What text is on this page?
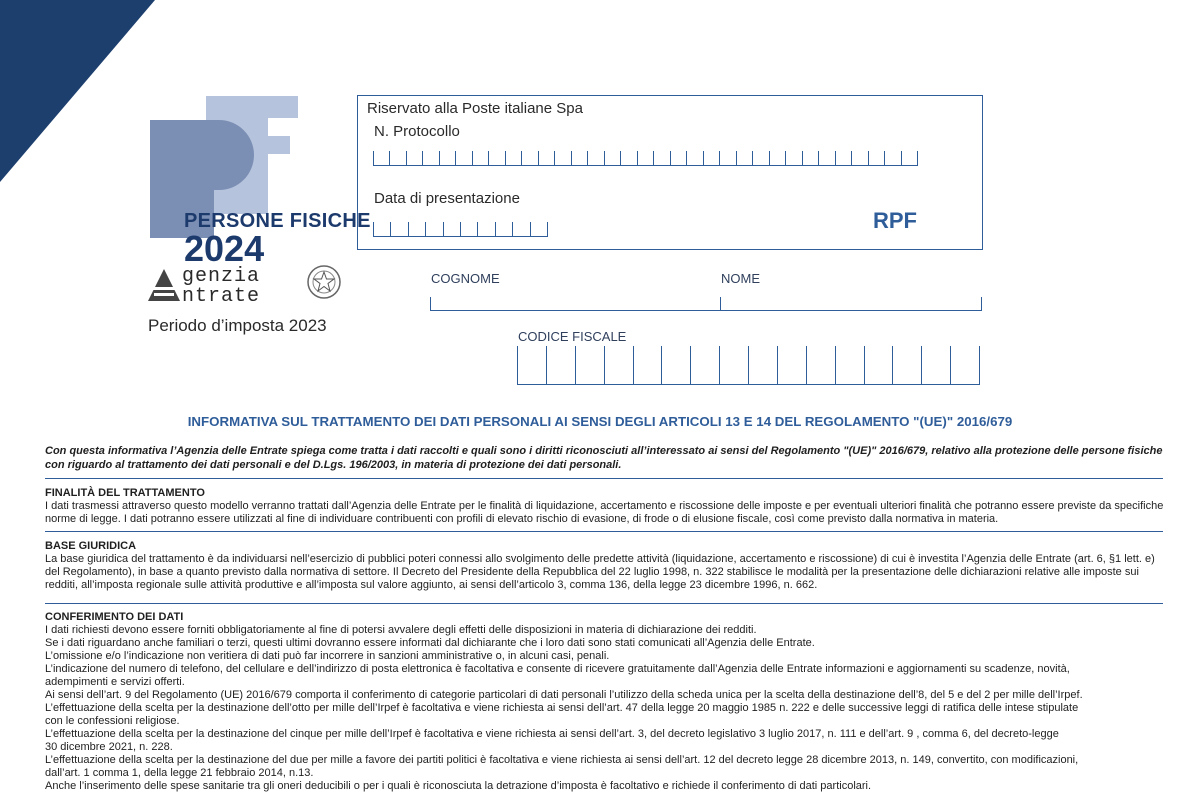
PERSONE FISICHE
2024
genzia
ntrate
Periodo d’imposta 2023
Riservato alla Poste italiane Spa
N. Protocollo
Data di presentazione
RPF
COGNOME	NOME
CODICE FISCALE
INFORMATIVA SUL TRATTAMENTO DEI DATI PERSONALI AI SENSI DEGLI ARTICOLI 13 E 14 DEL REGOLAMENTO "(UE)" 2016/679
Con questa informativa l’Agenzia delle Entrate spiega come tratta i dati raccolti e quali sono i diritti riconosciuti all’interessato ai sensi del Regolamento "(UE)" 2016/679, relativo alla protezione delle persone fisiche con riguardo al trattamento dei dati personali e del D.Lgs. 196/2003, in materia di protezione dei dati personali.
FINALITÀ DEL TRATTAMENTO
I dati trasmessi attraverso questo modello verranno trattati dall’Agenzia delle Entrate per le finalità di liquidazione, accertamento e riscossione delle imposte e per eventuali ulteriori finalità che potranno essere previste da specifiche norme di legge. I dati potranno essere utilizzati al fine di individuare contribuenti con profili di elevato rischio di evasione, di frode o di elusione fiscale, così come previsto dalla normativa in materia.
BASE GIURIDICA
La base giuridica del trattamento è da individuarsi nell’esercizio di pubblici poteri connessi allo svolgimento delle predette attività (liquidazione, accertamento e riscossione) di cui è investita l’Agenzia delle Entrate (art. 6, §1 lett. e) del Regolamento), in base a quanto previsto dalla normativa di settore. Il Decreto del Presidente della Repubblica del 22 luglio 1998, n. 322 stabilisce le modalità per la presentazione delle dichiarazioni relative alle imposte sui redditi, all’imposta regionale sulle attività produttive e all’imposta sul valore aggiunto, ai sensi dell’articolo 3, comma 136, della legge 23 dicembre 1996, n. 662.
CONFERIMENTO DEI DATI
I dati richiesti devono essere forniti obbligatoriamente al fine di potersi avvalere degli effetti delle disposizioni in materia di dichiarazione dei redditi.
Se i dati riguardano anche familiari o terzi, questi ultimi dovranno essere informati dal dichiarante che i loro dati sono stati comunicati all’Agenzia delle Entrate.
L’omissione e/o l’indicazione non veritiera di dati può far incorrere in sanzioni amministrative o, in alcuni casi, penali.
L’indicazione del numero di telefono, del cellulare e dell’indirizzo di posta elettronica è facoltativa e consente di ricevere gratuitamente dall’Agenzia delle Entrate informazioni e aggiornamenti su scadenze, novità,
adempimenti e servizi offerti.
Ai sensi dell’art. 9 del Regolamento (UE) 2016/679 comporta il conferimento di categorie particolari di dati personali l’utilizzo della scheda unica per la scelta della destinazione dell’8, del 5 e del 2 per mille dell’Irpef.
L’effettuazione della scelta per la destinazione dell’otto per mille dell’Irpef è facoltativa e viene richiesta ai sensi dell’art. 47 della legge 20 maggio 1985 n. 222 e delle successive leggi di ratifica delle intese stipulate
con le confessioni religiose.
L’effettuazione della scelta per la destinazione del cinque per mille dell’Irpef è facoltativa e viene richiesta ai sensi dell’art. 3, del decreto legislativo 3 luglio 2017, n. 111 e dell’art. 9 , comma 6, del decreto-legge
30 dicembre 2021, n. 228.
L’effettuazione della scelta per la destinazione del due per mille a favore dei partiti politici è facoltativa e viene richiesta ai sensi dell’art. 12 del decreto legge 28 dicembre 2013, n. 149, convertito, con modificazioni,
dall’art. 1 comma 1, della legge 21 febbraio 2014, n.13.
Anche l’inserimento delle spese sanitarie tra gli oneri deducibili o per i quali è riconosciuta la detrazione d’imposta è facoltativo e richiede il conferimento di dati particolari.
